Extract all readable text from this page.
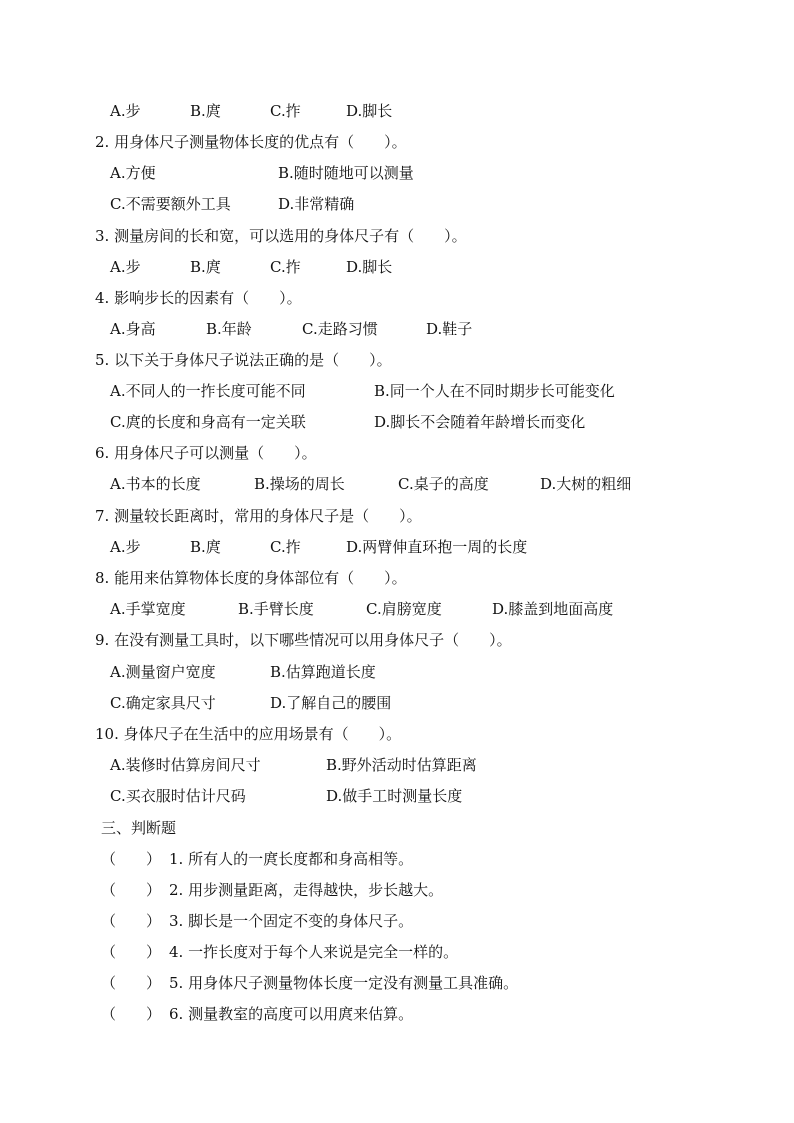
A.步	B.庹	C.拃	D.脚长
2. 用身体尺子测量物体长度的优点有（　　）。
A.方便	B.随时随地可以测量
C.不需要额外工具	D.非常精确
3. 测量房间的长和宽，可以选用的身体尺子有（　　）。
A.步	B.庹	C.拃	D.脚长
4. 影响步长的因素有（　　）。
A.身高	B.年龄	C.走路习惯	D.鞋子
5. 以下关于身体尺子说法正确的是（　　）。
A.不同人的一拃长度可能不同	B.同一个人在不同时期步长可能变化
C.庹的长度和身高有一定关联	D.脚长不会随着年龄增长而变化
6. 用身体尺子可以测量（　　）。
A.书本的长度	B.操场的周长	C.桌子的高度	D.大树的粗细
7. 测量较长距离时，常用的身体尺子是（　　）。
A.步	B.庹	C.拃	D.两臂伸直环抱一周的长度
8. 能用来估算物体长度的身体部位有（　　）。
A.手掌宽度	B.手臂长度	C.肩膀宽度	D.膝盖到地面高度
9. 在没有测量工具时，以下哪些情况可以用身体尺子（　　）。
A.测量窗户宽度	B.估算跑道长度
C.确定家具尺寸	D.了解自己的腰围
10. 身体尺子在生活中的应用场景有（　　）。
A.装修时估算房间尺寸	B.野外活动时估算距离
C.买衣服时估计尺码	D.做手工时测量长度
三、判断题
（　　） 1. 所有人的一庹长度都和身高相等。
（　　） 2. 用步测量距离，走得越快，步长越大。
（　　） 3. 脚长是一个固定不变的身体尺子。
（　　） 4. 一拃长度对于每个人来说是完全一样的。
（　　） 5. 用身体尺子测量物体长度一定没有测量工具准确。
（　　） 6. 测量教室的高度可以用庹来估算。
